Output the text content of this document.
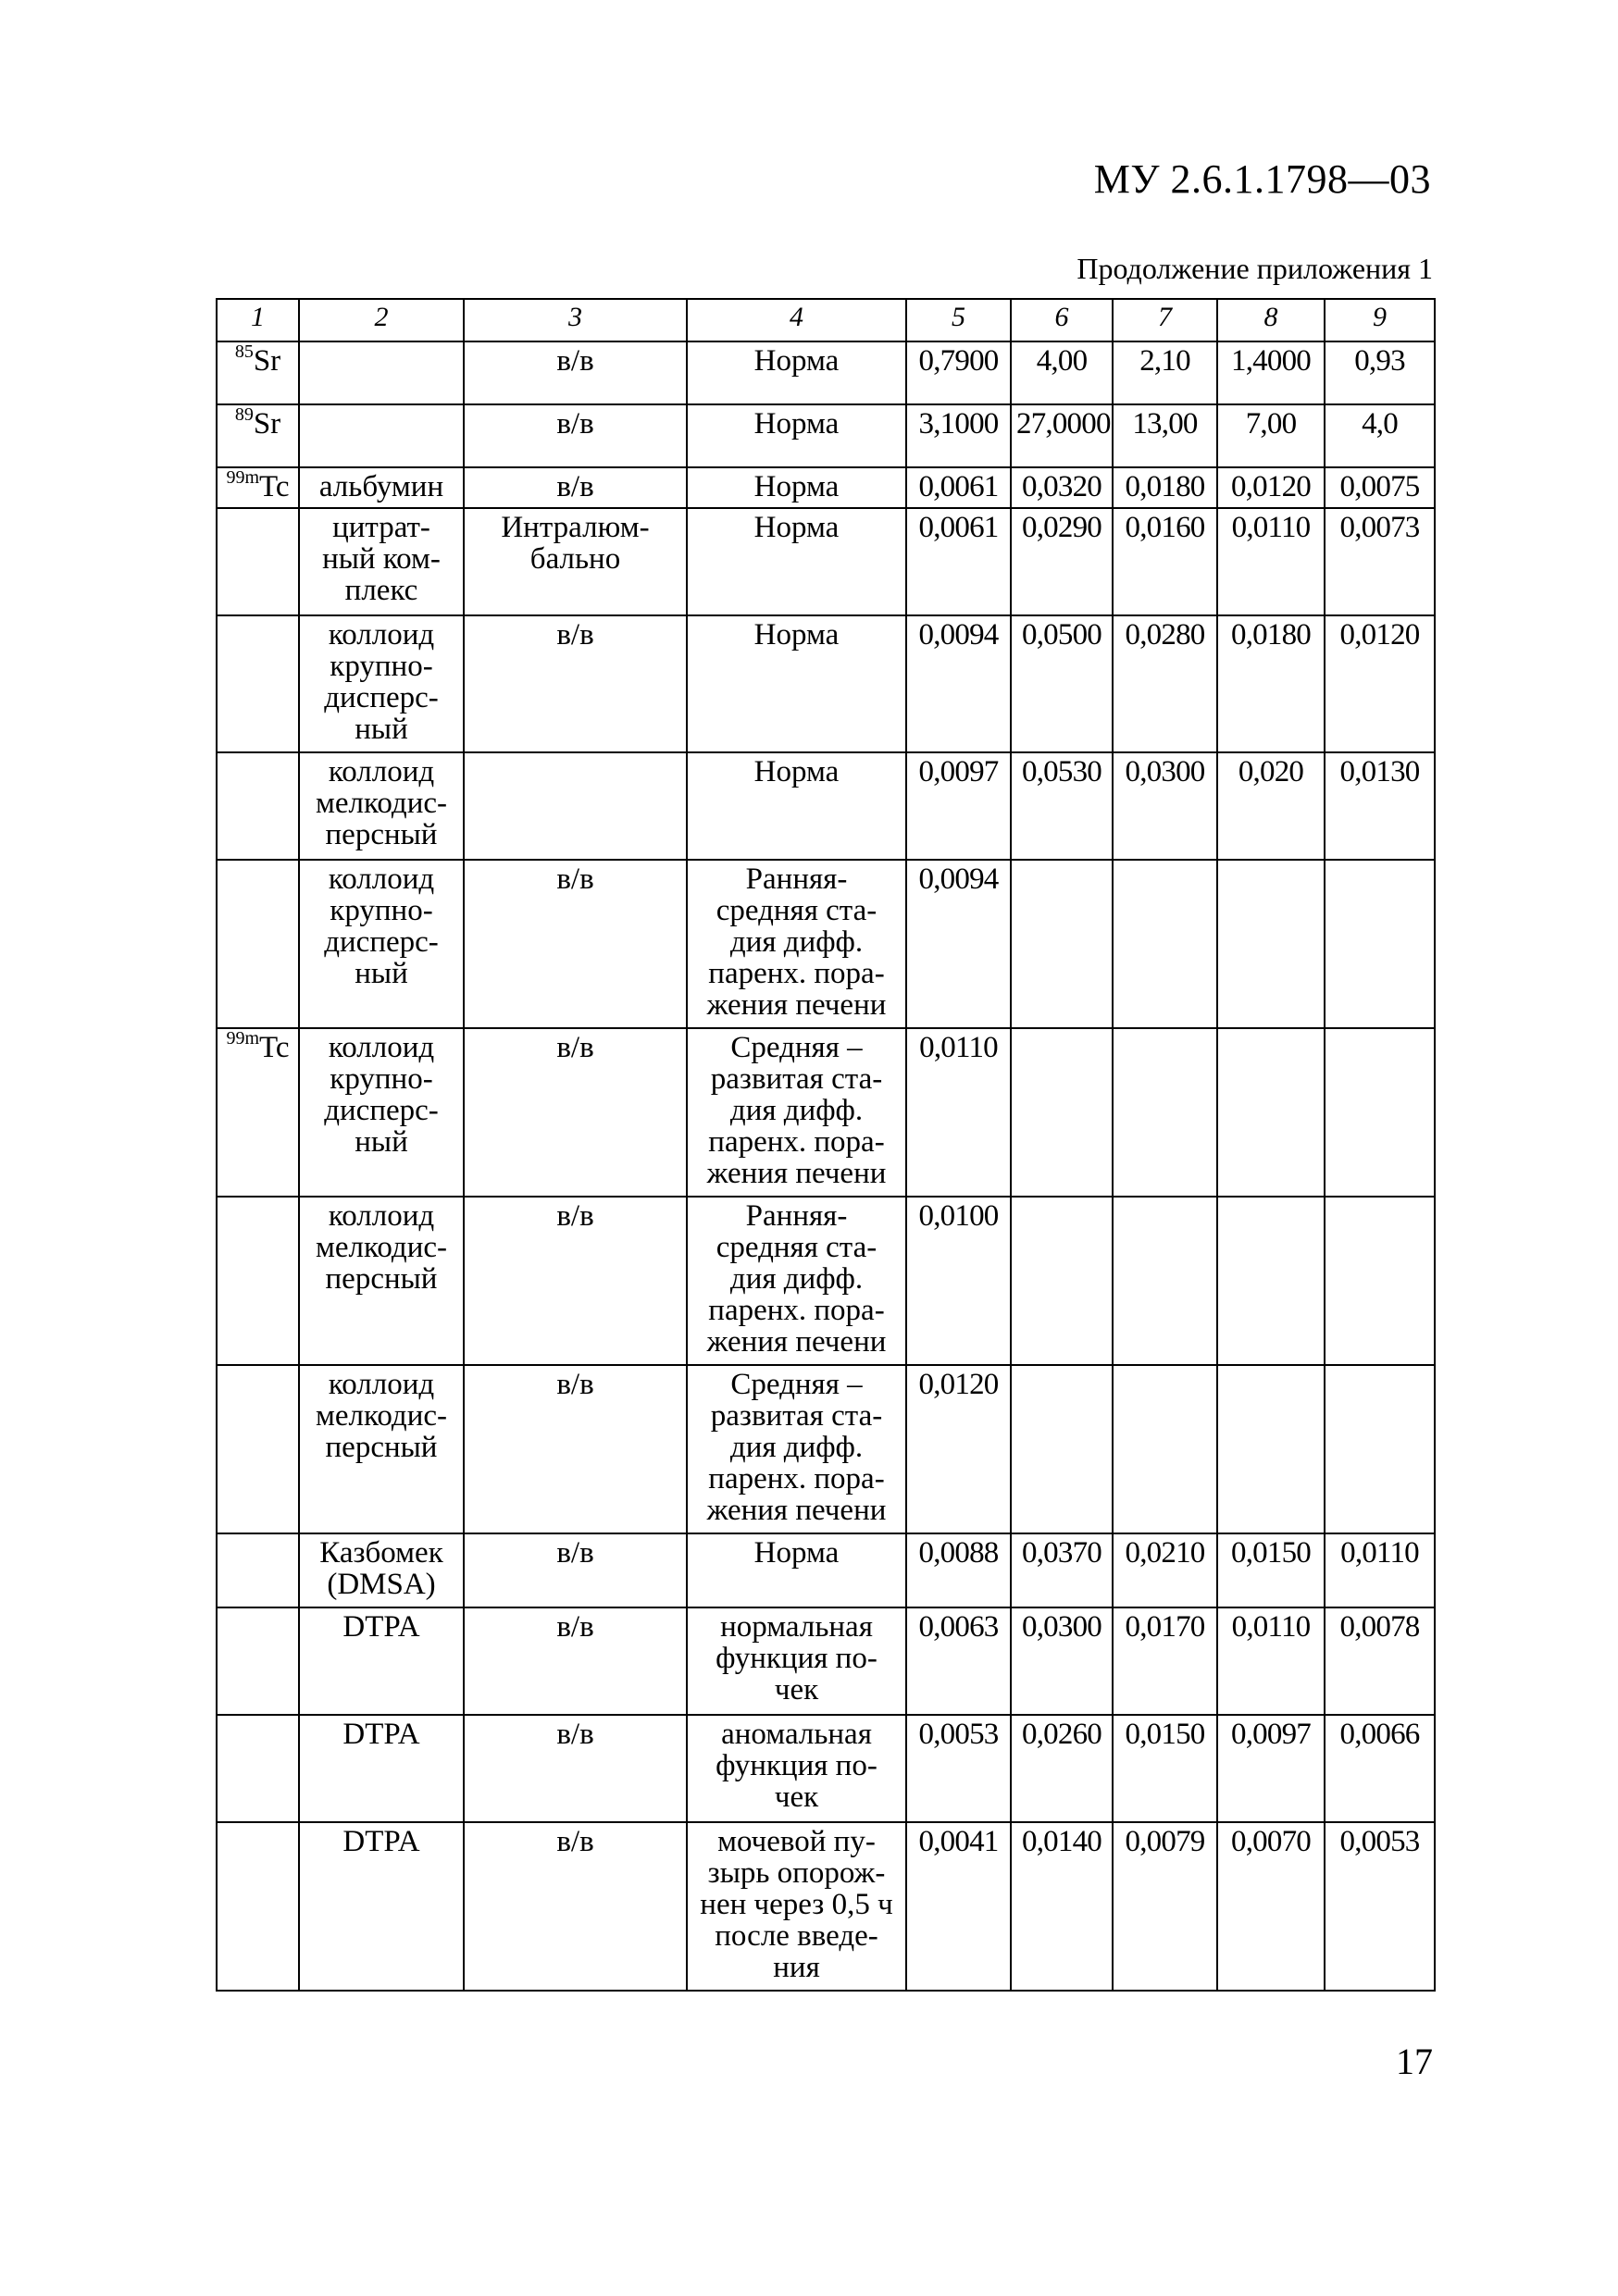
МУ 2.6.1.1798—03
Продолжение приложения 1
1	2	3	4	5	6	7	8	9
$^{85}$Sr		в/в	Норма	0,7900	4,00	2,10	1,4000	0,93
$^{89}$Sr		в/в	Норма	3,1000	27,0000	13,00	7,00	4,0
$^{99m}$Tc	альбумин	в/в	Норма	0,0061	0,0320	0,0180	0,0120	0,0075
	цитрат-
ный ком-
плекс	Интралюм-
бально	Норма	0,0061	0,0290	0,0160	0,0110	0,0073
	коллоид
крупно-
дисперс-
ный	в/в	Норма	0,0094	0,0500	0,0280	0,0180	0,0120
	коллоид
мелкодис-
персный		Норма	0,0097	0,0530	0,0300	0,020	0,0130
	коллоид
крупно-
дисперс-
ный	в/в	Ранняя-
средняя ста-
дия дифф.
паренх. пора-
жения печени	0,0094				
$^{99m}$Tc	коллоид
крупно-
дисперс-
ный	в/в	Средняя –
развитая ста-
дия дифф.
паренх. пора-
жения печени	0,0110				
	коллоид
мелкодис-
персный	в/в	Ранняя-
средняя ста-
дия дифф.
паренх. пора-
жения печени	0,0100				
	коллоид
мелкодис-
персный	в/в	Средняя –
развитая ста-
дия дифф.
паренх. пора-
жения печени	0,0120				
	Казбомек
(DMSA)	в/в	Норма	0,0088	0,0370	0,0210	0,0150	0,0110
	DTPA	в/в	нормальная
функция по-
чек	0,0063	0,0300	0,0170	0,0110	0,0078
	DTPA	в/в	аномальная
функция по-
чек	0,0053	0,0260	0,0150	0,0097	0,0066
	DTPA	в/в	мочевой пу-
зырь опорож-
нен через 0,5 ч
после введе-
ния	0,0041	0,0140	0,0079	0,0070	0,0053
17
